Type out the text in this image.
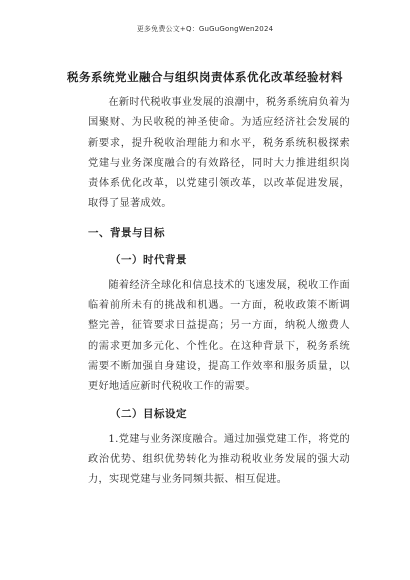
更多免费公文+Q：GuGuGongWen2024
税务系统党业融合与组织岗责体系优化改革经验材料

在新时代税收事业发展的浪潮中，税务系统肩负着为国聚财、为民收税的神圣使命。为适应经济社会发展的新要求，提升税收治理能力和水平，税务系统积极探索党建与业务深度融合的有效路径，同时大力推进组织岗责体系优化改革，以党建引领改革，以改革促进发展，取得了显著成效。

一、背景与目标
（一）时代背景

随着经济全球化和信息技术的飞速发展，税收工作面临着前所未有的挑战和机遇。一方面，税收政策不断调整完善，征管要求日益提高；另一方面，纳税人缴费人的需求更加多元化、个性化。在这种背景下，税务系统需要不断加强自身建设，提高工作效率和服务质量，以更好地适应新时代税收工作的需要。

（二）目标设定

1.党建与业务深度融合。通过加强党建工作，将党的政治优势、组织优势转化为推动税收业务发展的强大动力，实现党建与业务同频共振、相互促进。
